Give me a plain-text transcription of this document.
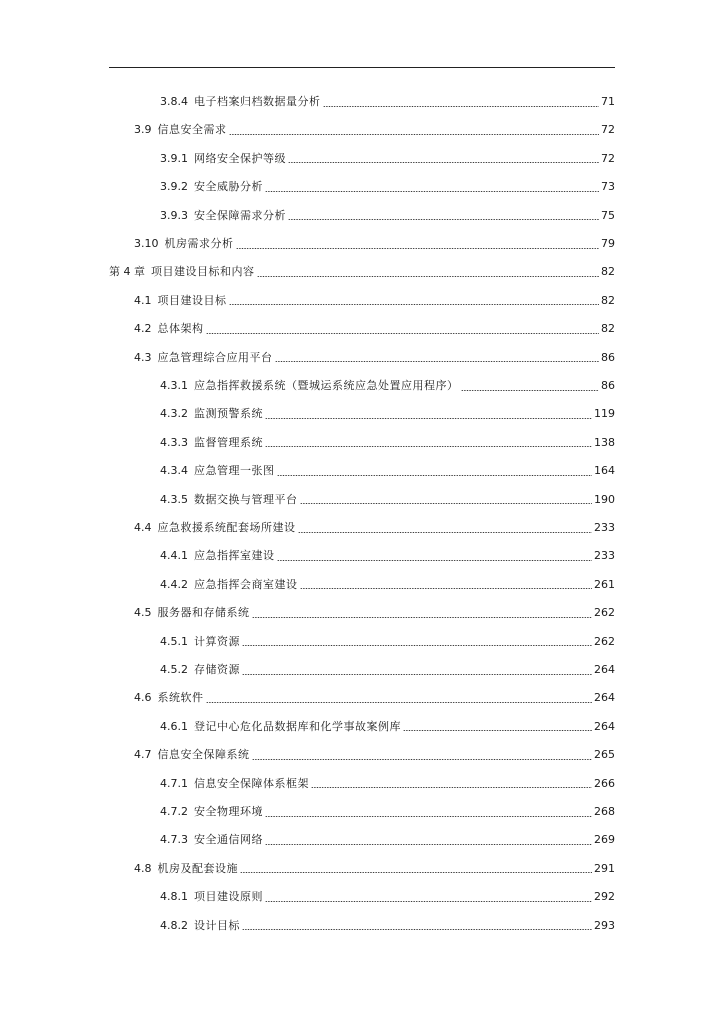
3.8.4 电子档案归档数据量分析	71
3.9 信息安全需求	72
3.9.1 网络安全保护等级	72
3.9.2 安全威胁分析	73
3.9.3 安全保障需求分析	75
3.10 机房需求分析	79
第 4 章 项目建设目标和内容	82
4.1 项目建设目标	82
4.2 总体架构	82
4.3 应急管理综合应用平台	86
4.3.1 应急指挥救援系统（暨城运系统应急处置应用程序）	86
4.3.2 监测预警系统	119
4.3.3 监督管理系统	138
4.3.4 应急管理一张图	164
4.3.5 数据交换与管理平台	190
4.4 应急救援系统配套场所建设	233
4.4.1 应急指挥室建设	233
4.4.2 应急指挥会商室建设	261
4.5 服务器和存储系统	262
4.5.1 计算资源	262
4.5.2 存储资源	264
4.6 系统软件	264
4.6.1 登记中心危化品数据库和化学事故案例库	264
4.7 信息安全保障系统	265
4.7.1 信息安全保障体系框架	266
4.7.2 安全物理环境	268
4.7.3 安全通信网络	269
4.8 机房及配套设施	291
4.8.1 项目建设原则	292
4.8.2 设计目标	293
